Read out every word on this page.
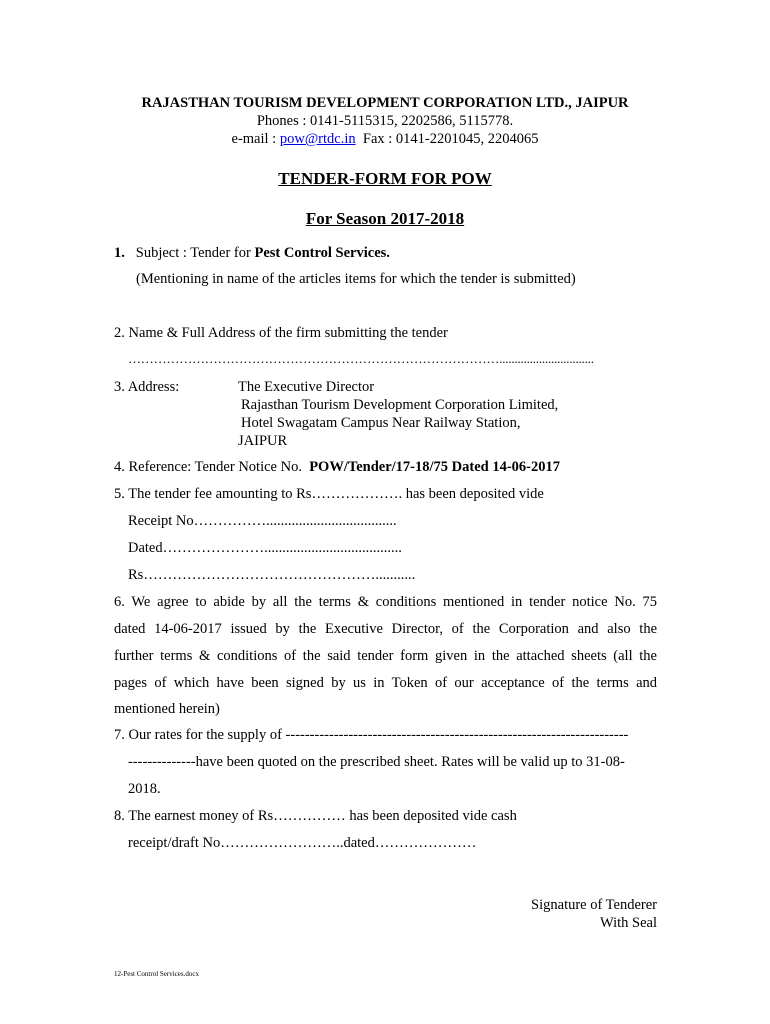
RAJASTHAN TOURISM DEVELOPMENT CORPORATION LTD., JAIPUR
Phones : 0141-5115315, 2202586, 5115778.
e-mail : pow@rtdc.in  Fax : 0141-2201045, 2204065
TENDER-FORM FOR POW
For Season 2017-2018
1. Subject : Tender for Pest Control Services.
(Mentioning in name of the articles items for which the tender is submitted)
2. Name & Full Address of the firm submitting the tender
……………………………………………………………………………...............................
3. Address:	The Executive Director
Rajasthan Tourism Development Corporation Limited,
Hotel Swagatam Campus Near Railway Station,
JAIPUR
4. Reference: Tender Notice No.  POW/Tender/17-18/75 Dated 14-06-2017
5. The tender fee amounting to Rs………………. has been deposited vide
Receipt No……………....................................
Dated…………………......................................
Rs…………………………………………...........
6. We agree to abide by all the terms & conditions mentioned in tender notice No. 75
dated 14-06-2017 issued by the Executive Director, of the Corporation and also the
further terms & conditions of the said tender form given in the attached sheets (all the
pages of which have been signed by us in Token of our acceptance of the terms and
mentioned herein)
7. Our rates for the supply of -----------------------------------------------------------------------
--------------have been quoted on the prescribed sheet. Rates will be valid up to 31-08-
2018.
8. The earnest money of Rs…………… has been deposited vide cash
receipt/draft No……………………..dated…………………
Signature of Tenderer
With Seal
12-Pest Control Services.docx
